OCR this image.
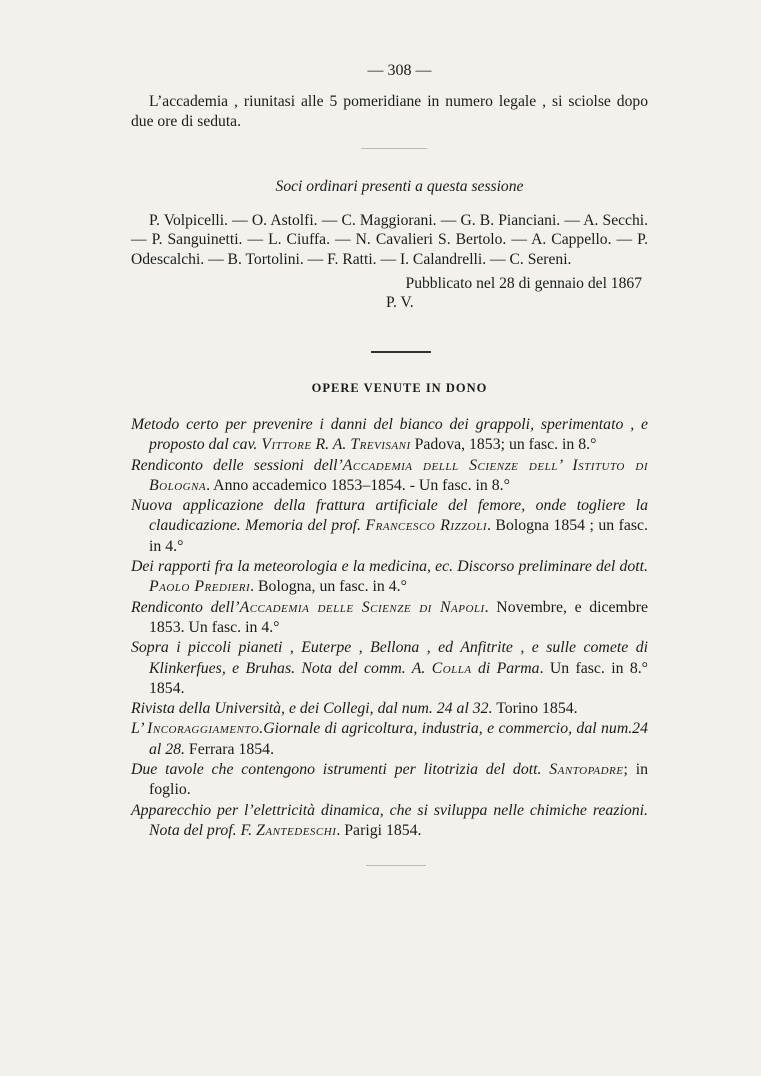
— 308 —

L’accademia , riunitasi alle 5 pomeridiane in numero legale , si sciolse dopo due ore di seduta.

Soci ordinari presenti a questa sessione

P. Volpicelli. — O. Astolfi. — C. Maggiorani. — G. B. Pianciani. — A. Secchi. — P. Sanguinetti. — L. Ciuffa. — N. Cavalieri S. Bertolo. — A. Cappello. — P. Odescalchi. — B. Tortolini. — F. Ratti. — I. Calandrelli. — C. Sereni.

Pubblicato nel 28 di gennaio del 1867

P. V.

OPERE VENUTE IN DONO

Metodo certo per prevenire i danni del bianco dei grappoli, sperimentato , e proposto dal cav. Vittore R. A. Trevisani Padova, 1853; un fasc. in 8.°

Rendiconto delle sessioni dell’Accademia delll Scienze dell’ Istituto di Bologna. Anno accademico 1853–1854. - Un fasc. in 8.°

Nuova applicazione della frattura artificiale del femore, onde togliere la claudicazione. Memoria del prof. Francesco Rizzoli. Bologna 1854 ; un fasc. in 4.°

Dei rapporti fra la meteorologia e la medicina, ec. Discorso preliminare del dott. Paolo Predieri. Bologna, un fasc. in 4.°

Rendiconto dell’Accademia delle Scienze di Napoli. Novembre, e dicembre 1853. Un fasc. in 4.°

Sopra i piccoli pianeti , Euterpe , Bellona , ed Anfitrite , e sulle comete di Klinkerfues, e Bruhas. Nota del comm. A. Colla di Parma. Un fasc. in 8.° 1854.

Rivista della Università, e dei Collegi, dal num. 24 al 32. Torino 1854.

L’ Incoraggiamento.Giornale di agricoltura, industria, e commercio, dal num.24 al 28. Ferrara 1854.

Due tavole che contengono istrumenti per litotrizia del dott. Santopadre; in foglio.

Apparecchio per l’elettricità dinamica, che si sviluppa nelle chimiche reazioni. Nota del prof. F. Zantedeschi. Parigi 1854.
